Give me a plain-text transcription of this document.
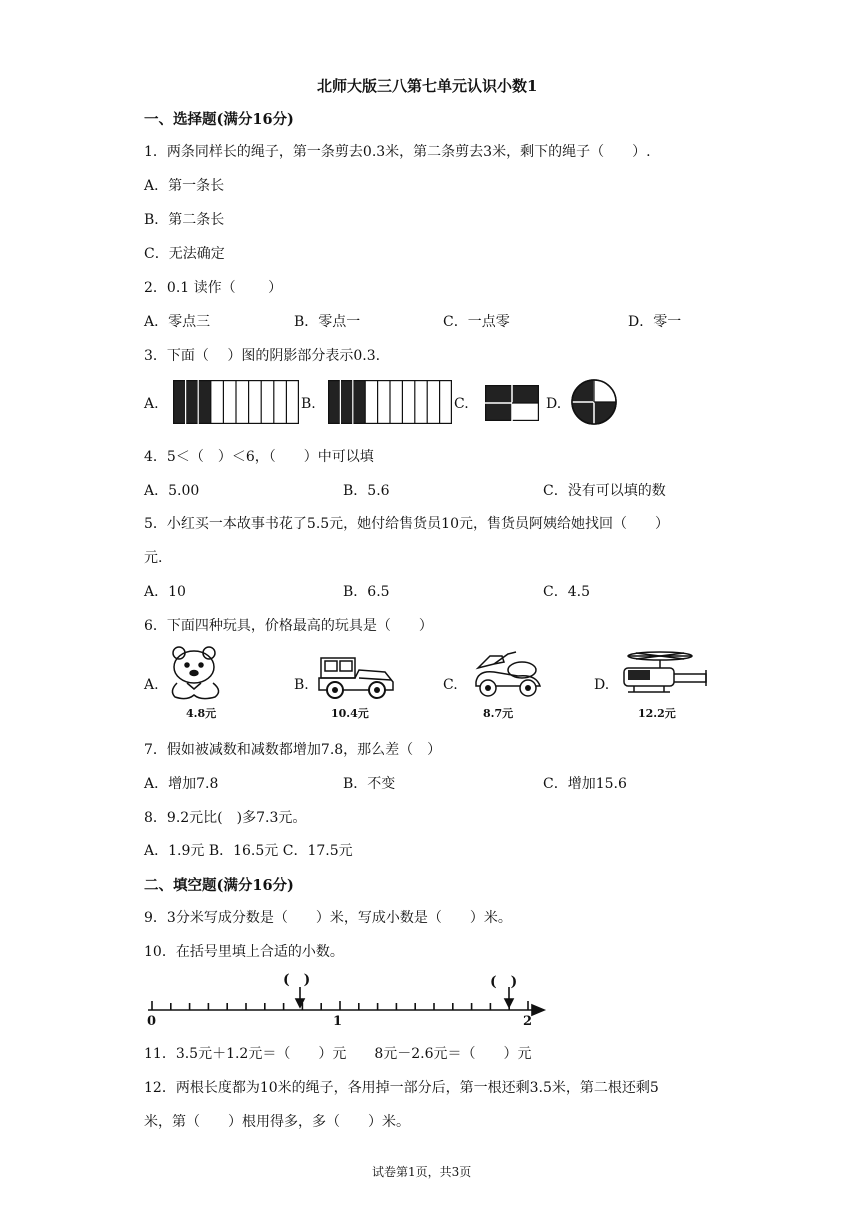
北师大版三八第七单元认识小数1
一、选择题(满分16分)
1．两条同样长的绳子，第一条剪去0.3米，第二条剪去3米，剩下的绳子（　　）.
A．第一条长
B．第二条长
C．无法确定
2．0.1 读作（　　 ）
A．零点三	B．零点一	C．一点零	D．零一
3．下面（　 ）图的阴影部分表示0.3.
A.	B.	C.	D.
4．5＜（　）＜6，（　　）中可以填
A．5.00	B．5.6	C．没有可以填的数
5．小红买一本故事书花了5.5元，她付给售货员10元，售货员阿姨给她找回（　　）
元.
A．10	B．6.5	C．4.5
6．下面四种玩具，价格最高的玩具是（　　）
A.
4.8元
B.
10.4元
C.
8.7元
D.
12.2元
7．假如被减数和减数都增加7.8，那么差（　）
A．增加7.8	B．不变	C．增加15.6
8．9.2元比(　)多7.3元。
A．1.9元 B．16.5元 C．17.5元
二、填空题(满分16分)
9．3分米写成分数是（　　）米，写成小数是（　　）米。
10．在括号里填上合适的小数。
(　)	(　)
0	1	2
11．3.5元＋1.2元＝（　　）元　　8元－2.6元＝（　　）元
12．两根长度都为10米的绳子，各用掉一部分后，第一根还剩3.5米，第二根还剩5
米，第（　　）根用得多，多（　　）米。
试卷第1页，共3页
